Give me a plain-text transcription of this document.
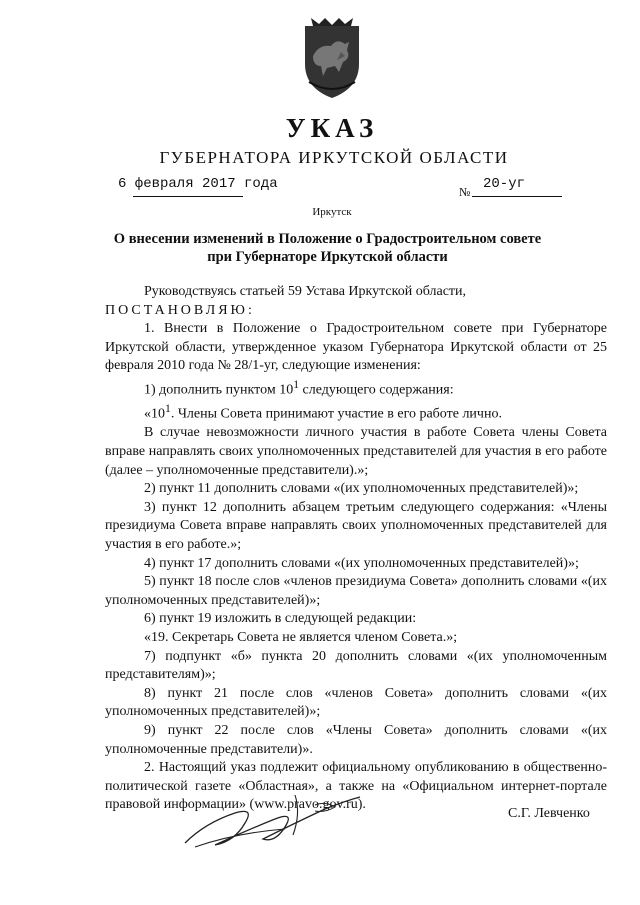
УКАЗ
ГУБЕРНАТОРА ИРКУТСКОЙ ОБЛАСТИ
6 февраля 2017 года	№ 20-уг
Иркутск
О внесении изменений в Положение о Градостроительном совете
при Губернаторе Иркутской области

Руководствуясь статьей 59 Устава Иркутской области,

ПОСТАНОВЛЯЮ:

1. Внести в Положение о Градостроительном совете при Губернаторе Иркутской области, утвержденное указом Губернатора Иркутской области от 25 февраля 2010 года № 28/1-уг, следующие изменения:

1) дополнить пунктом $10^1$ следующего содержания:

«$10^1$. Члены Совета принимают участие в его работе лично.

В случае невозможности личного участия в работе Совета члены Совета вправе направлять своих уполномоченных представителей для участия в его работе (далее – уполномоченные представители).»;

2) пункт 11 дополнить словами «(их уполномоченных представителей)»;

3) пункт 12 дополнить абзацем третьим следующего содержания: «Члены президиума Совета вправе направлять своих уполномоченных представителей для участия в его работе.»;

4) пункт 17 дополнить словами «(их уполномоченных представителей)»;

5) пункт 18 после слов «членов президиума Совета» дополнить словами «(их уполномоченных представителей)»;

6) пункт 19 изложить в следующей редакции:

«19. Секретарь Совета не является членом Совета.»;

7) подпункт «б» пункта 20 дополнить словами «(их уполномоченным представителям)»;

8) пункт 21 после слов «членов Совета» дополнить словами «(их уполномоченных представителей)»;

9) пункт 22 после слов «Члены Совета» дополнить словами «(их уполномоченные представители)».

2. Настоящий указ подлежит официальному опубликованию в общественно-политической газете «Областная», а также на «Официальном интернет-портале правовой информации» (www.pravo.gov.ru).

С.Г. Левченко
